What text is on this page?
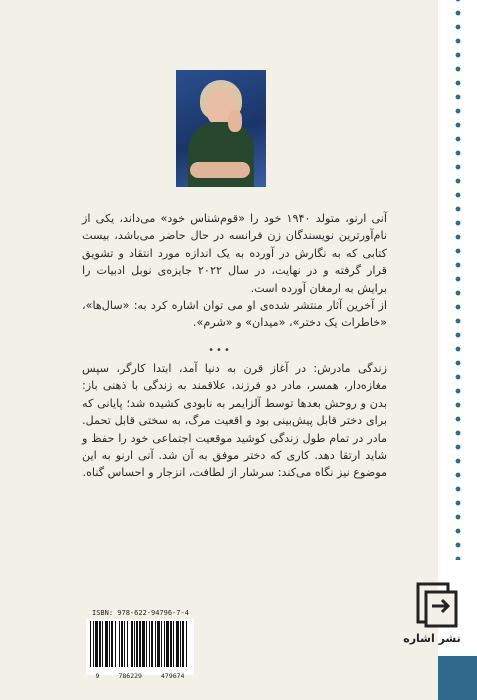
آنی ارنو، متولد ۱۹۴۰ خود را «قوم‌شناس خود» می‌داند، یکی از نام‌آورترین نویسندگان زن فرانسه در حال حاضر می‌باشد، بیست کتابی که به نگارش در آورده به یک اندازه مورد انتقاد و تشویق قرار گرفته و در نهایت، در سال ۲۰۲۲ جایزه‌ی نوبل ادبیات را برایش به ارمغان آورده است.

از آخرین آثار منتشر شده‌ی او می توان اشاره کرد به: «سال‌ها»، «خاطرات یک دختر»، «میدان» و «شرم».

•••

زندگی مادرش: در آغاز قرن به دنیا آمد، ابتدا کارگر، سپس مغازه‌دار، همسر، مادر دو فرزند، علاقمند به زندگی با ذهنی باز: بدن و روحش بعدها توسط آلزایمر به نابودی کشیده شد؛ پایانی که برای دختر قابل پیش‌بینی بود و اقعیت مرگ، به سختی قابل تحمل. مادر در تمام طول زندگی کوشید موقعیت اجتماعی خود را حفظ و شاید ارتقا دهد. کاری که دختر موفق به آن شد. آنی ارنو به این موضوع نیز نگاه می‌کند: سرشار از لطافت، انزجار و احساس گناه.

ISBN: 978-622-94796-7-4
9	786229	479674
نشر اشاره
